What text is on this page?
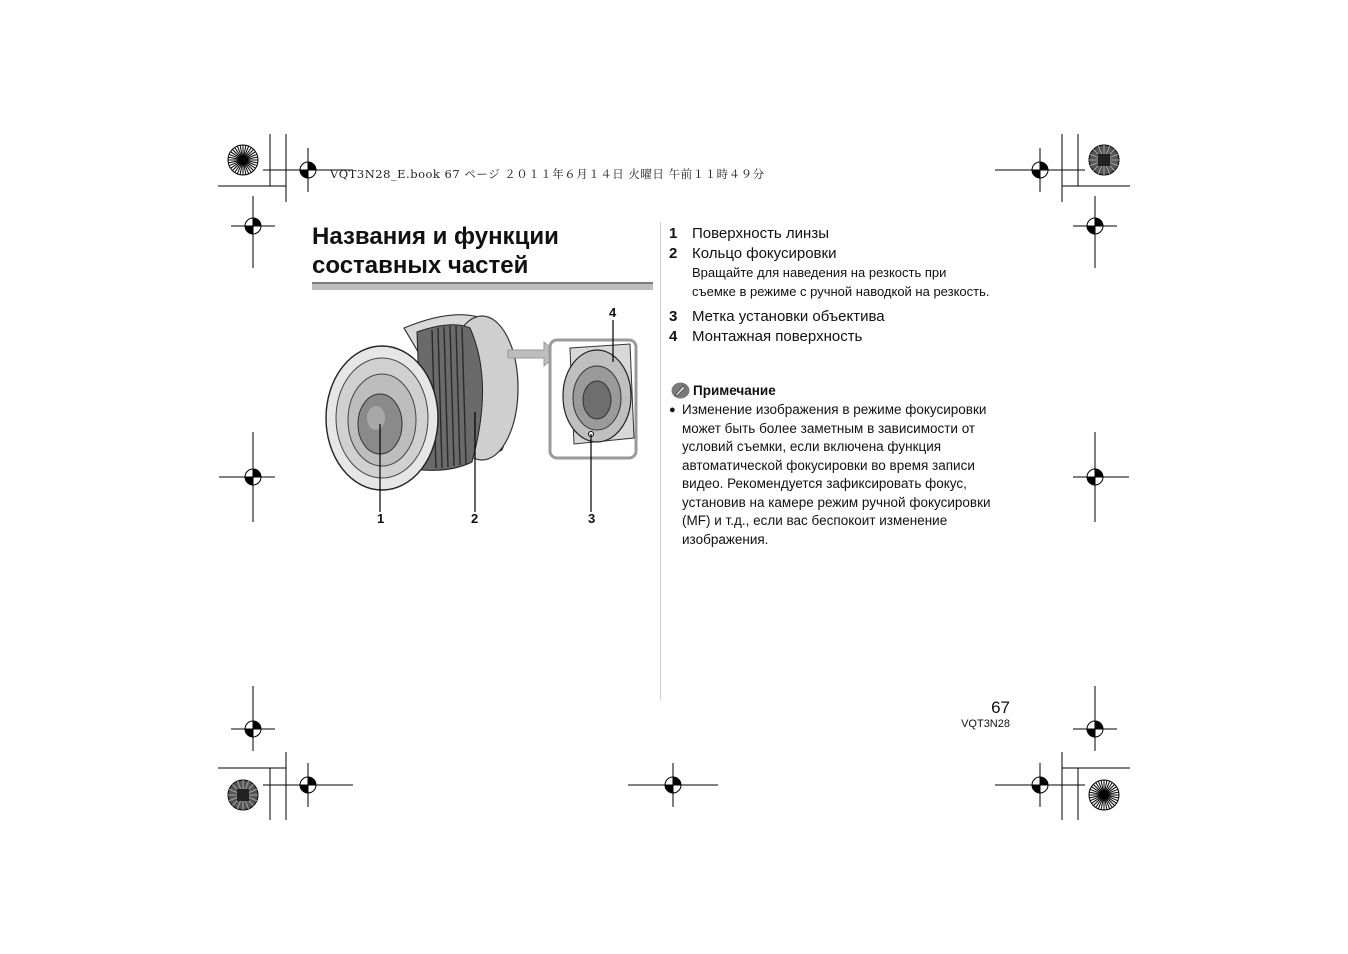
VQT3N28_E.book 67 ページ ２０１１年６月１４日 火曜日 午前１１時４９分
Названия и функции составных частей
1	2	3
4
1 Поверхность линзы
2 Кольцо фокусировки
Вращайте для наведения на резкость при съемке в режиме с ручной наводкой на резкость.
3 Метка установки объектива
4 Монтажная поверхность
Примечание
● Изменение изображения в режиме фокусировки может быть более заметным в зависимости от условий съемки, если включена функция автоматической фокусировки во время записи видео. Рекомендуется зафиксировать фокус, установив на камере режим ручной фокусировки (MF) и т.д., если вас беспокоит изменение изображения.
67
VQT3N28
